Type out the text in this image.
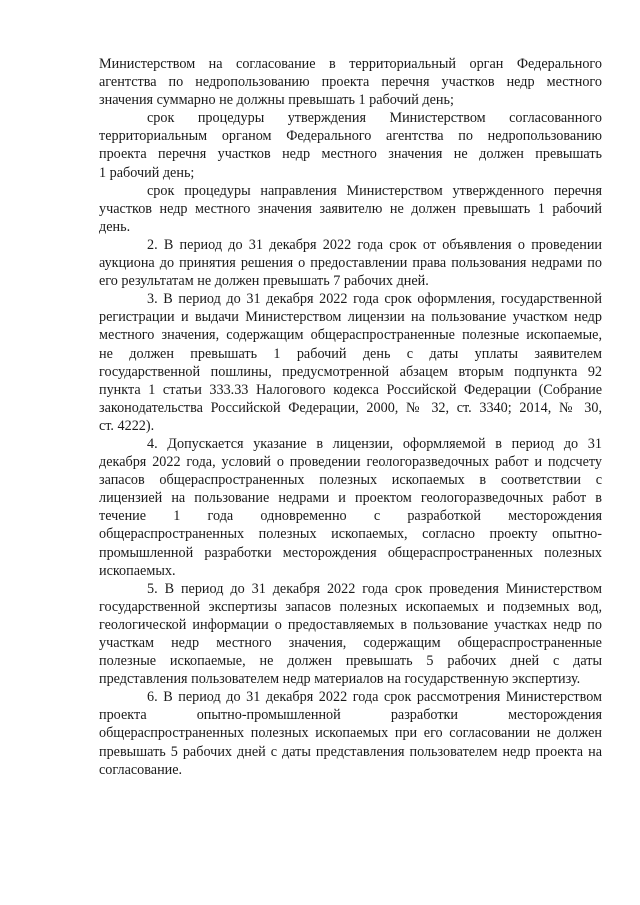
Министерством на согласование в территориальный орган Федерального
агентства по недропользованию проекта перечня участков недр местного
значения суммарно не должны превышать 1 рабочий день;

срок процедуры утверждения Министерством согласованного
территориальным органом Федерального агентства по недропользованию
проекта перечня участков недр местного значения не должен превышать
1 рабочий день;

срок процедуры направления Министерством утвержденного перечня
участков недр местного значения заявителю не должен превышать 1 рабочий
день.

2. В период до 31 декабря 2022 года срок от объявления о проведении
аукциона до принятия решения о предоставлении права пользования недрами по
его результатам не должен превышать 7 рабочих дней.

3. В период до 31 декабря 2022 года срок оформления, государственной
регистрации и выдачи Министерством лицензии на пользование участком недр
местного значения, содержащим общераспространенные полезные ископаемые,
не должен превышать 1 рабочий день с даты уплаты заявителем
государственной пошлины, предусмотренной абзацем вторым подпункта 92
пункта 1 статьи 333.33 Налогового кодекса Российской Федерации (Собрание
законодательства Российской Федерации, 2000, № 32, ст. 3340; 2014, № 30,
ст. 4222).

4. Допускается указание в лицензии, оформляемой в период до 31
декабря 2022 года, условий о проведении геологоразведочных работ и подсчету
запасов общераспространенных полезных ископаемых в соответствии с
лицензией на пользование недрами и проектом геологоразведочных работ в
течение 1 года одновременно с разработкой месторождения
общераспространенных полезных ископаемых, согласно проекту опытно-
промышленной разработки месторождения общераспространенных полезных
ископаемых.

5. В период до 31 декабря 2022 года срок проведения Министерством
государственной экспертизы запасов полезных ископаемых и подземных вод,
геологической информации о предоставляемых в пользование участках недр по
участкам недр местного значения, содержащим общераспространенные
полезные ископаемые, не должен превышать 5 рабочих дней с даты
представления пользователем недр материалов на государственную экспертизу.

6. В период до 31 декабря 2022 года срок рассмотрения Министерством
проекта опытно-промышленной разработки месторождения
общераспространенных полезных ископаемых при его согласовании не должен
превышать 5 рабочих дней с даты представления пользователем недр проекта на
согласование.
